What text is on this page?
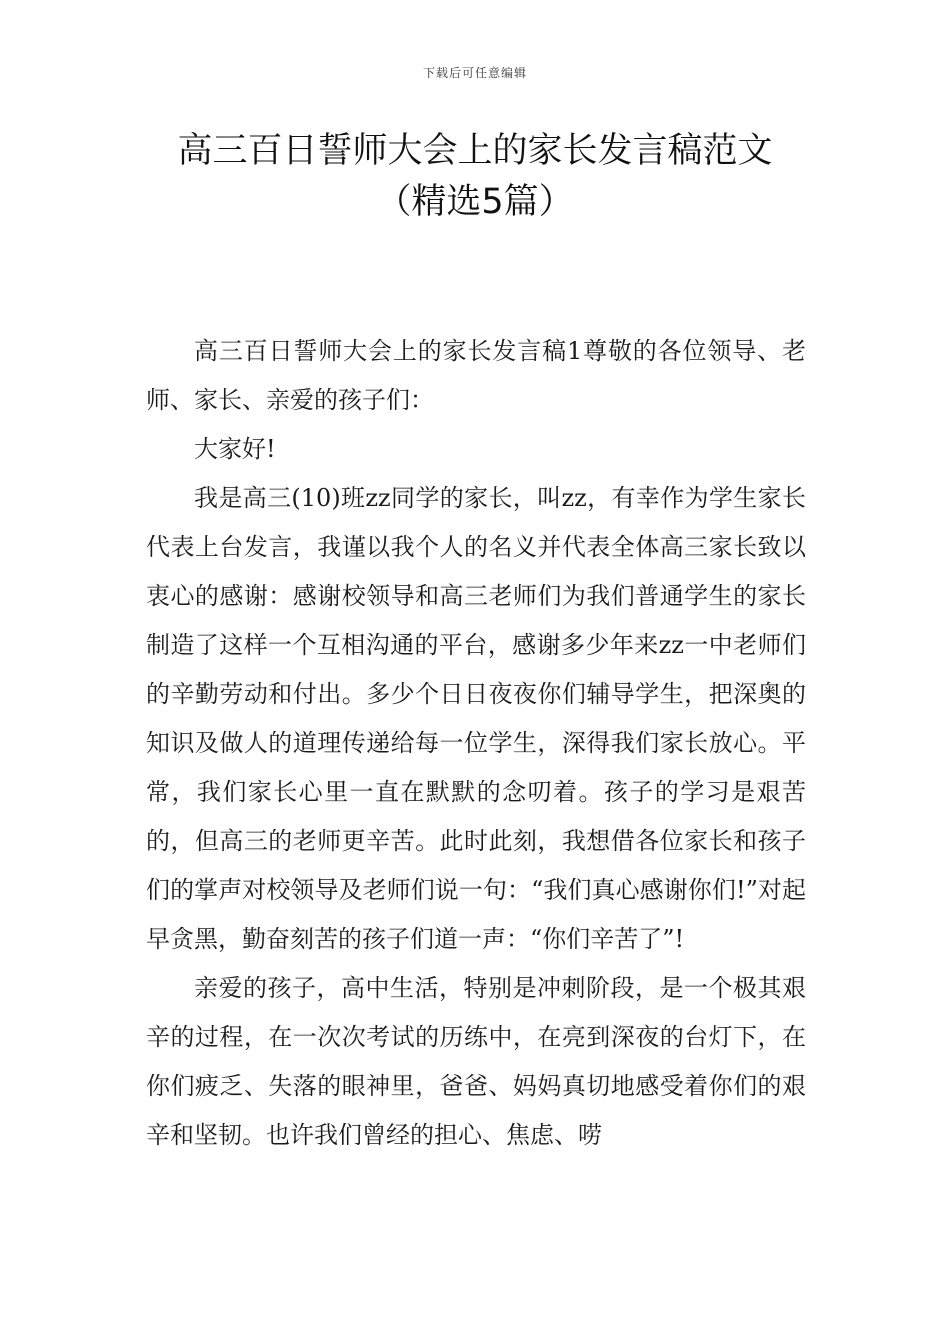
下载后可任意编辑
高三百日誓师大会上的家长发言稿范文
（精选5篇）

高三百日誓师大会上的家长发言稿1尊敬的各位领导、老师、家长、亲爱的孩子们：

大家好!

我是高三(10)班zz同学的家长，叫zz，有幸作为学生家长代表上台发言，我谨以我个人的名义并代表全体高三家长致以衷心的感谢：感谢校领导和高三老师们为我们普通学生的家长制造了这样一个互相沟通的平台，感谢多少年来zz一中老师们的辛勤劳动和付出。多少个日日夜夜你们辅导学生，把深奥的知识及做人的道理传递给每一位学生，深得我们家长放心。平常，我们家长心里一直在默默的念叨着。孩子的学习是艰苦的，但高三的老师更辛苦。此时此刻，我想借各位家长和孩子们的掌声对校领导及老师们说一句：“我们真心感谢你们!”对起早贪黑，勤奋刻苦的孩子们道一声：“你们辛苦了”!

亲爱的孩子，高中生活，特别是冲刺阶段，是一个极其艰辛的过程，在一次次考试的历练中，在亮到深夜的台灯下，在你们疲乏、失落的眼神里，爸爸、妈妈真切地感受着你们的艰辛和坚韧。也许我们曾经的担心、焦虑、唠
